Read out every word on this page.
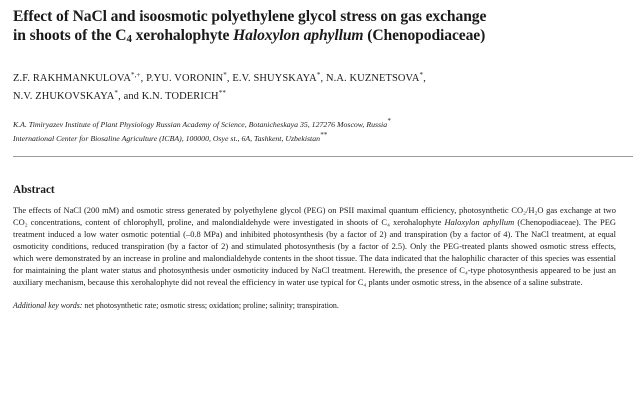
Effect of NaCl and isoosmotic polyethylene glycol stress on gas exchange
in shoots of the C4 xerohalophyte Haloxylon aphyllum (Chenopodiaceae)
Z.F. RAKHMANKULOVA*,+, P.YU. VORONIN*, E.V. SHUYSKAYA*, N.A. KUZNETSOVA*,
N.V. ZHUKOVSKAYA*, and K.N. TODERICH**
K.A. Timiryazev Institute of Plant Physiology Russian Academy of Science, Botanicheskaya 35, 127276 Moscow, Russia*
International Center for Biosaline Agriculture (ICBA), 100000, Osye st., 6A, Tashkent, Uzbekistan**
Abstract

The effects of NaCl (200 mM) and osmotic stress generated by polyethylene glycol (PEG) on PSII maximal quantum efficiency, photosynthetic CO₂/H₂O gas exchange at two CO₂ concentrations, content of chlorophyll, proline, and malondialdehyde were investigated in shoots of C₄ xerohalophyte Haloxylon aphyllum (Chenopodiaceae). The PEG treatment induced a low water osmotic potential (–0.8 MPa) and inhibited photosynthesis (by a factor of 2) and transpiration (by a factor of 4). The NaCl treatment, at equal osmoticity conditions, reduced transpiration (by a factor of 2) and stimulated photosynthesis (by a factor of 2.5). Only the PEG-treated plants showed osmotic stress effects, which were demonstrated by an increase in proline and malondialdehyde contents in the shoot tissue. The data indicated that the halophilic character of this species was essential for maintaining the plant water status and photosynthesis under osmoticity induced by NaCl treatment. Herewith, the presence of C₄-type photosynthesis appeared to be just an auxiliary mechanism, because this xerohalophyte did not reveal the efficiency in water use typical for C₄ plants under osmotic stress, in the absence of a saline substrate.

Additional key words: net photosynthetic rate; osmotic stress; oxidation; proline; salinity; transpiration.
